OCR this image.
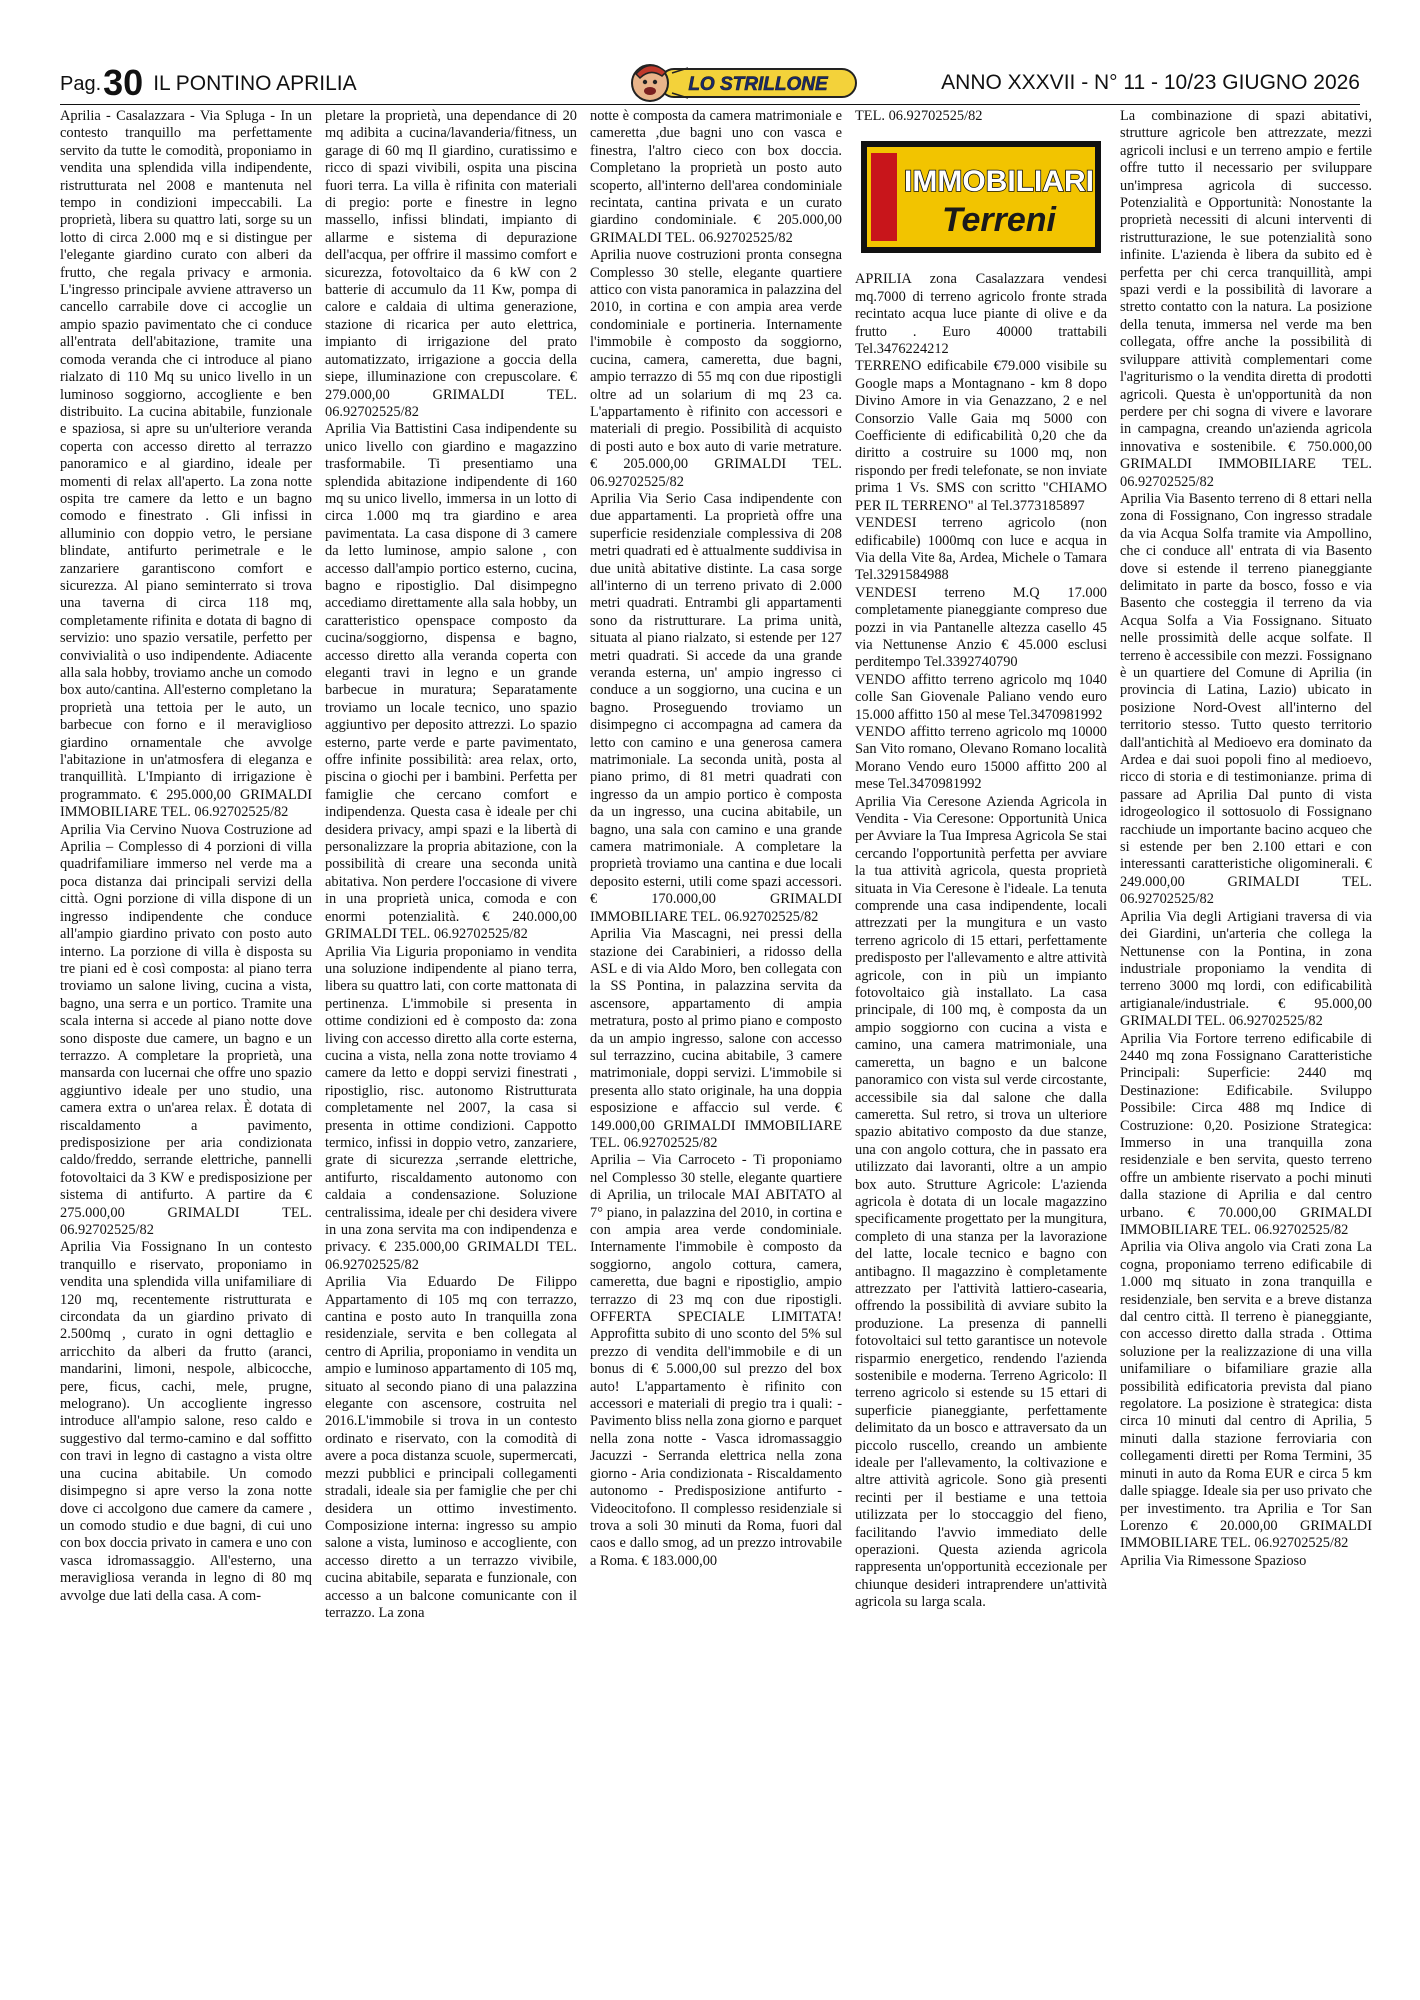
Pag.30 IL PONTINO APRILIA	LO STRILLONE	ANNO XXXVII - N° 11 - 10/23 GIUGNO 2026

Aprilia - Casalazzara - Via Spluga - In un contesto tranquillo ma perfettamente servito da tutte le comodità, proponiamo in vendita una splendida villa indipendente, ristrutturata nel 2008 e mantenuta nel tempo in condizioni impeccabili. La proprietà, libera su quattro lati, sorge su un lotto di circa 2.000 mq e si distingue per l'elegante giardino curato con alberi da frutto, che regala privacy e armonia. L'ingresso principale avviene attraverso un cancello carrabile dove ci accoglie un ampio spazio pavimentato che ci conduce all'entrata dell'abitazione, tramite una comoda veranda che ci introduce al piano rialzato di 110 Mq su unico livello in un luminoso soggiorno, accogliente e ben distribuito. La cucina abitabile, funzionale e spaziosa, si apre su un'ulteriore veranda coperta con accesso diretto al terrazzo panoramico e al giardino, ideale per momenti di relax all'aperto. La zona notte ospita tre camere da letto e un bagno comodo e finestrato . Gli infissi in alluminio con doppio vetro, le persiane blindate, antifurto perimetrale e le zanzariere garantiscono comfort e sicurezza. Al piano seminterrato si trova una taverna di circa 118 mq, completamente rifinita e dotata di bagno di servizio: uno spazio versatile, perfetto per convivialità o uso indipendente. Adiacente alla sala hobby, troviamo anche un comodo box auto/cantina. All'esterno completano la proprietà una tettoia per le auto, un barbecue con forno e il meraviglioso giardino ornamentale che avvolge l'abitazione in un'atmosfera di eleganza e tranquillità. L'Impianto di irrigazione è programmato. € 295.000,00 GRIMALDI IMMOBILIARE TEL. 06.92702525/82

Aprilia Via Cervino Nuova Costruzione ad Aprilia – Complesso di 4 porzioni di villa quadrifamiliare immerso nel verde ma a poca distanza dai principali servizi della città. Ogni porzione di villa dispone di un ingresso indipendente che conduce all'ampio giardino privato con posto auto interno. La porzione di villa è disposta su tre piani ed è così composta: al piano terra troviamo un salone living, cucina a vista, bagno, una serra e un portico. Tramite una scala interna si accede al piano notte dove sono disposte due camere, un bagno e un terrazzo. A completare la proprietà, una mansarda con lucernai che offre uno spazio aggiuntivo ideale per uno studio, una camera extra o un'area relax. È dotata di riscaldamento a pavimento, predisposizione per aria condizionata caldo/freddo, serrande elettriche, pannelli fotovoltaici da 3 KW e predisposizione per sistema di antifurto. A partire da € 275.000,00 GRIMALDI TEL. 06.92702525/82

Aprilia Via Fossignano In un contesto tranquillo e riservato, proponiamo in vendita una splendida villa unifamiliare di 120 mq, recentemente ristrutturata e circondata da un giardino privato di 2.500mq , curato in ogni dettaglio e arricchito da alberi da frutto (aranci, mandarini, limoni, nespole, albicocche, pere, ficus, cachi, mele, prugne, melograno). Un accogliente ingresso introduce all'ampio salone, reso caldo e suggestivo dal termo-camino e dal soffitto con travi in legno di castagno a vista oltre una cucina abitabile. Un comodo disimpegno si apre verso la zona notte dove ci accolgono due camere da camere , un comodo studio e due bagni, di cui uno con box doccia privato in camera e uno con vasca idromassaggio. All'esterno, una meravigliosa veranda in legno di 80 mq avvolge due lati della casa. A com-

pletare la proprietà, una dependance di 20 mq adibita a cucina/lavanderia/fitness, un garage di 60 mq Il giardino, curatissimo e ricco di spazi vivibili, ospita una piscina fuori terra. La villa è rifinita con materiali di pregio: porte e finestre in legno massello, infissi blindati, impianto di allarme e sistema di depurazione dell'acqua, per offrire il massimo comfort e sicurezza, fotovoltaico da 6 kW con 2 batterie di accumulo da 11 Kw, pompa di calore e caldaia di ultima generazione, stazione di ricarica per auto elettrica, impianto di irrigazione del prato automatizzato, irrigazione a goccia della siepe, illuminazione con crepuscolare. € 279.000,00 GRIMALDI TEL. 06.92702525/82

Aprilia Via Battistini Casa indipendente su unico livello con giardino e magazzino trasformabile. Ti presentiamo una splendida abitazione indipendente di 160 mq su unico livello, immersa in un lotto di circa 1.000 mq tra giardino e area pavimentata. La casa dispone di 3 camere da letto luminose, ampio salone , con accesso dall'ampio portico esterno, cucina, bagno e ripostiglio. Dal disimpegno accediamo direttamente alla sala hobby, un caratteristico openspace composto da cucina/soggiorno, dispensa e bagno, accesso diretto alla veranda coperta con eleganti travi in legno e un grande barbecue in muratura; Separatamente troviamo un locale tecnico, uno spazio aggiuntivo per deposito attrezzi. Lo spazio esterno, parte verde e parte pavimentato, offre infinite possibilità: area relax, orto, piscina o giochi per i bambini. Perfetta per famiglie che cercano comfort e indipendenza. Questa casa è ideale per chi desidera privacy, ampi spazi e la libertà di personalizzare la propria abitazione, con la possibilità di creare una seconda unità abitativa. Non perdere l'occasione di vivere in una proprietà unica, comoda e con enormi potenzialità. € 240.000,00 GRIMALDI TEL. 06.92702525/82

Aprilia Via Liguria proponiamo in vendita una soluzione indipendente al piano terra, libera su quattro lati, con corte mattonata di pertinenza. L'immobile si presenta in ottime condizioni ed è composto da: zona living con accesso diretto alla corte esterna, cucina a vista, nella zona notte troviamo 4 camere da letto e doppi servizi finestrati , ripostiglio, risc. autonomo Ristrutturata completamente nel 2007, la casa si presenta in ottime condizioni. Cappotto termico, infissi in doppio vetro, zanzariere, grate di sicurezza ,serrande elettriche, antifurto, riscaldamento autonomo con caldaia a condensazione. Soluzione centralissima, ideale per chi desidera vivere in una zona servita ma con indipendenza e privacy. € 235.000,00 GRIMALDI TEL. 06.92702525/82

Aprilia Via Eduardo De Filippo Appartamento di 105 mq con terrazzo, cantina e posto auto In tranquilla zona residenziale, servita e ben collegata al centro di Aprilia, proponiamo in vendita un ampio e luminoso appartamento di 105 mq, situato al secondo piano di una palazzina elegante con ascensore, costruita nel 2016.L'immobile si trova in un contesto ordinato e riservato, con la comodità di avere a poca distanza scuole, supermercati, mezzi pubblici e principali collegamenti stradali, ideale sia per famiglie che per chi desidera un ottimo investimento. Composizione interna: ingresso su ampio salone a vista, luminoso e accogliente, con accesso diretto a un terrazzo vivibile, cucina abitabile, separata e funzionale, con accesso a un balcone comunicante con il terrazzo. La zona

notte è composta da camera matrimoniale e cameretta ,due bagni uno con vasca e finestra, l'altro cieco con box doccia. Completano la proprietà un posto auto scoperto, all'interno dell'area condominiale recintata, cantina privata e un curato giardino condominiale. € 205.000,00 GRIMALDI TEL. 06.92702525/82

Aprilia nuove costruzioni pronta consegna Complesso 30 stelle, elegante quartiere attico con vista panoramica in palazzina del 2010, in cortina e con ampia area verde condominiale e portineria. Internamente l'immobile è composto da soggiorno, cucina, camera, cameretta, due bagni, ampio terrazzo di 55 mq con due ripostigli oltre ad un solarium di mq 23 ca. L'appartamento è rifinito con accessori e materiali di pregio. Possibilità di acquisto di posti auto e box auto di varie metrature. € 205.000,00 GRIMALDI TEL. 06.92702525/82

Aprilia Via Serio Casa indipendente con due appartamenti. La proprietà offre una superficie residenziale complessiva di 208 metri quadrati ed è attualmente suddivisa in due unità abitative distinte. La casa sorge all'interno di un terreno privato di 2.000 metri quadrati. Entrambi gli appartamenti sono da ristrutturare. La prima unità, situata al piano rialzato, si estende per 127 metri quadrati. Si accede da una grande veranda esterna, un' ampio ingresso ci conduce a un soggiorno, una cucina e un bagno. Proseguendo troviamo un disimpegno ci accompagna ad camera da letto con camino e una generosa camera matrimoniale. La seconda unità, posta al piano primo, di 81 metri quadrati con ingresso da un ampio portico è composta da un ingresso, una cucina abitabile, un bagno, una sala con camino e una grande camera matrimoniale. A completare la proprietà troviamo una cantina e due locali deposito esterni, utili come spazi accessori. € 170.000,00 GRIMALDI IMMOBILIARE TEL. 06.92702525/82

Aprilia Via Mascagni, nei pressi della stazione dei Carabinieri, a ridosso della ASL e di via Aldo Moro, ben collegata con la SS Pontina, in palazzina servita da ascensore, appartamento di ampia metratura, posto al primo piano e composto da un ampio ingresso, salone con accesso sul terrazzino, cucina abitabile, 3 camere matrimoniale, doppi servizi. L'immobile si presenta allo stato originale, ha una doppia esposizione e affaccio sul verde. € 149.000,00 GRIMALDI IMMOBILIARE TEL. 06.92702525/82

Aprilia – Via Carroceto - Ti proponiamo nel Complesso 30 stelle, elegante quartiere di Aprilia, un trilocale MAI ABITATO al 7° piano, in palazzina del 2010, in cortina e con ampia area verde condominiale. Internamente l'immobile è composto da soggiorno, angolo cottura, camera, cameretta, due bagni e ripostiglio, ampio terrazzo di 23 mq con due ripostigli. OFFERTA SPECIALE LIMITATA! Approfitta subito di uno sconto del 5% sul prezzo di vendita dell'immobile e di un bonus di € 5.000,00 sul prezzo del box auto! L'appartamento è rifinito con accessori e materiali di pregio tra i quali: - Pavimento bliss nella zona giorno e parquet nella zona notte - Vasca idromassaggio Jacuzzi - Serranda elettrica nella zona giorno - Aria condizionata - Riscaldamento autonomo - Predisposizione antifurto - Videocitofono. Il complesso residenziale si trova a soli 30 minuti da Roma, fuori dal caos e dallo smog, ad un prezzo introvabile a Roma. € 183.000,00

TEL. 06.92702525/82

IMMOBILIARI
Terreni

APRILIA zona Casalazzara vendesi mq.7000 di terreno agricolo fronte strada recintato acqua luce piante di olive e da frutto . Euro 40000 trattabili Tel.3476224212

TERRENO edificabile €79.000 visibile su Google maps a Montagnano - km 8 dopo Divino Amore in via Genazzano, 2 e nel Consorzio Valle Gaia mq 5000 con Coefficiente di edificabilità 0,20 che da diritto a costruire su 1000 mq, non rispondo per fredi telefonate, se non inviate prima 1 Vs. SMS con scritto "CHIAMO PER IL TERRENO" al Tel.3773185897

VENDESI terreno agricolo (non edificabile) 1000mq con luce e acqua in Via della Vite 8a, Ardea, Michele o Tamara Tel.3291584988

VENDESI terreno M.Q 17.000 completamente pianeggiante compreso due pozzi in via Pantanelle altezza casello 45 via Nettunense Anzio € 45.000 esclusi perditempo Tel.3392740790

VENDO affitto terreno agricolo mq 1040 colle San Giovenale Paliano vendo euro 15.000 affitto 150 al mese Tel.3470981992

VENDO affitto terreno agricolo mq 10000 San Vito romano, Olevano Romano località Morano Vendo euro 15000 affitto 200 al mese Tel.3470981992

Aprilia Via Ceresone Azienda Agricola in Vendita - Via Ceresone: Opportunità Unica per Avviare la Tua Impresa Agricola Se stai cercando l'opportunità perfetta per avviare la tua attività agricola, questa proprietà situata in Via Ceresone è l'ideale. La tenuta comprende una casa indipendente, locali attrezzati per la mungitura e un vasto terreno agricolo di 15 ettari, perfettamente predisposto per l'allevamento e altre attività agricole, con in più un impianto fotovoltaico già installato. La casa principale, di 100 mq, è composta da un ampio soggiorno con cucina a vista e camino, una camera matrimoniale, una cameretta, un bagno e un balcone panoramico con vista sul verde circostante, accessibile sia dal salone che dalla cameretta. Sul retro, si trova un ulteriore spazio abitativo composto da due stanze, una con angolo cottura, che in passato era utilizzato dai lavoranti, oltre a un ampio box auto. Strutture Agricole: L'azienda agricola è dotata di un locale magazzino specificamente progettato per la mungitura, completo di una stanza per la lavorazione del latte, locale tecnico e bagno con antibagno. Il magazzino è completamente attrezzato per l'attività lattiero-casearia, offrendo la possibilità di avviare subito la produzione. La presenza di pannelli fotovoltaici sul tetto garantisce un notevole risparmio energetico, rendendo l'azienda sostenibile e moderna. Terreno Agricolo: Il terreno agricolo si estende su 15 ettari di superficie pianeggiante, perfettamente delimitato da un bosco e attraversato da un piccolo ruscello, creando un ambiente ideale per l'allevamento, la coltivazione e altre attività agricole. Sono già presenti recinti per il bestiame e una tettoia utilizzata per lo stoccaggio del fieno, facilitando l'avvio immediato delle operazioni. Questa azienda agricola rappresenta un'opportunità eccezionale per chiunque desideri intraprendere un'attività agricola su larga scala.

La combinazione di spazi abitativi, strutture agricole ben attrezzate, mezzi agricoli inclusi e un terreno ampio e fertile offre tutto il necessario per sviluppare un'impresa agricola di successo. Potenzialità e Opportunità: Nonostante la proprietà necessiti di alcuni interventi di ristrutturazione, le sue potenzialità sono infinite. L'azienda è libera da subito ed è perfetta per chi cerca tranquillità, ampi spazi verdi e la possibilità di lavorare a stretto contatto con la natura. La posizione della tenuta, immersa nel verde ma ben collegata, offre anche la possibilità di sviluppare attività complementari come l'agriturismo o la vendita diretta di prodotti agricoli. Questa è un'opportunità da non perdere per chi sogna di vivere e lavorare in campagna, creando un'azienda agricola innovativa e sostenibile. € 750.000,00 GRIMALDI IMMOBILIARE TEL. 06.92702525/82

Aprilia Via Basento terreno di 8 ettari nella zona di Fossignano, Con ingresso stradale da via Acqua Solfa tramite via Ampollino, che ci conduce all' entrata di via Basento dove si estende il terreno pianeggiante delimitato in parte da bosco, fosso e via Basento che costeggia il terreno da via Acqua Solfa a Via Fossignano. Situato nelle prossimità delle acque solfate. Il terreno è accessibile con mezzi. Fossignano è un quartiere del Comune di Aprilia (in provincia di Latina, Lazio) ubicato in posizione Nord-Ovest all'interno del territorio stesso. Tutto questo territorio dall'antichità al Medioevo era dominato da Ardea e dai suoi popoli fino al medioevo, ricco di storia e di testimonianze. prima di passare ad Aprilia Dal punto di vista idrogeologico il sottosuolo di Fossignano racchiude un importante bacino acqueo che si estende per ben 2.100 ettari e con interessanti caratteristiche oligominerali. € 249.000,00 GRIMALDI TEL. 06.92702525/82

Aprilia Via degli Artigiani traversa di via dei Giardini, un'arteria che collega la Nettunense con la Pontina, in zona industriale proponiamo la vendita di terreno 3000 mq lordi, con edificabilità artigianale/industriale. € 95.000,00 GRIMALDI TEL. 06.92702525/82

Aprilia Via Fortore terreno edificabile di 2440 mq zona Fossignano Caratteristiche Principali: Superficie: 2440 mq Destinazione: Edificabile. Sviluppo Possibile: Circa 488 mq Indice di Costruzione: 0,20. Posizione Strategica: Immerso in una tranquilla zona residenziale e ben servita, questo terreno offre un ambiente riservato a pochi minuti dalla stazione di Aprilia e dal centro urbano. € 70.000,00 GRIMALDI IMMOBILIARE TEL. 06.92702525/82

Aprilia via Oliva angolo via Crati zona La cogna, proponiamo terreno edificabile di 1.000 mq situato in zona tranquilla e residenziale, ben servita e a breve distanza dal centro città. Il terreno è pianeggiante, con accesso diretto dalla strada . Ottima soluzione per la realizzazione di una villa unifamiliare o bifamiliare grazie alla possibilità edificatoria prevista dal piano regolatore. La posizione è strategica: dista circa 10 minuti dal centro di Aprilia, 5 minuti dalla stazione ferroviaria con collegamenti diretti per Roma Termini, 35 minuti in auto da Roma EUR e circa 5 km dalle spiagge. Ideale sia per uso privato che per investimento. tra Aprilia e Tor San Lorenzo € 20.000,00 GRIMALDI IMMOBILIARE TEL. 06.92702525/82

Aprilia Via Rimessone Spazioso
